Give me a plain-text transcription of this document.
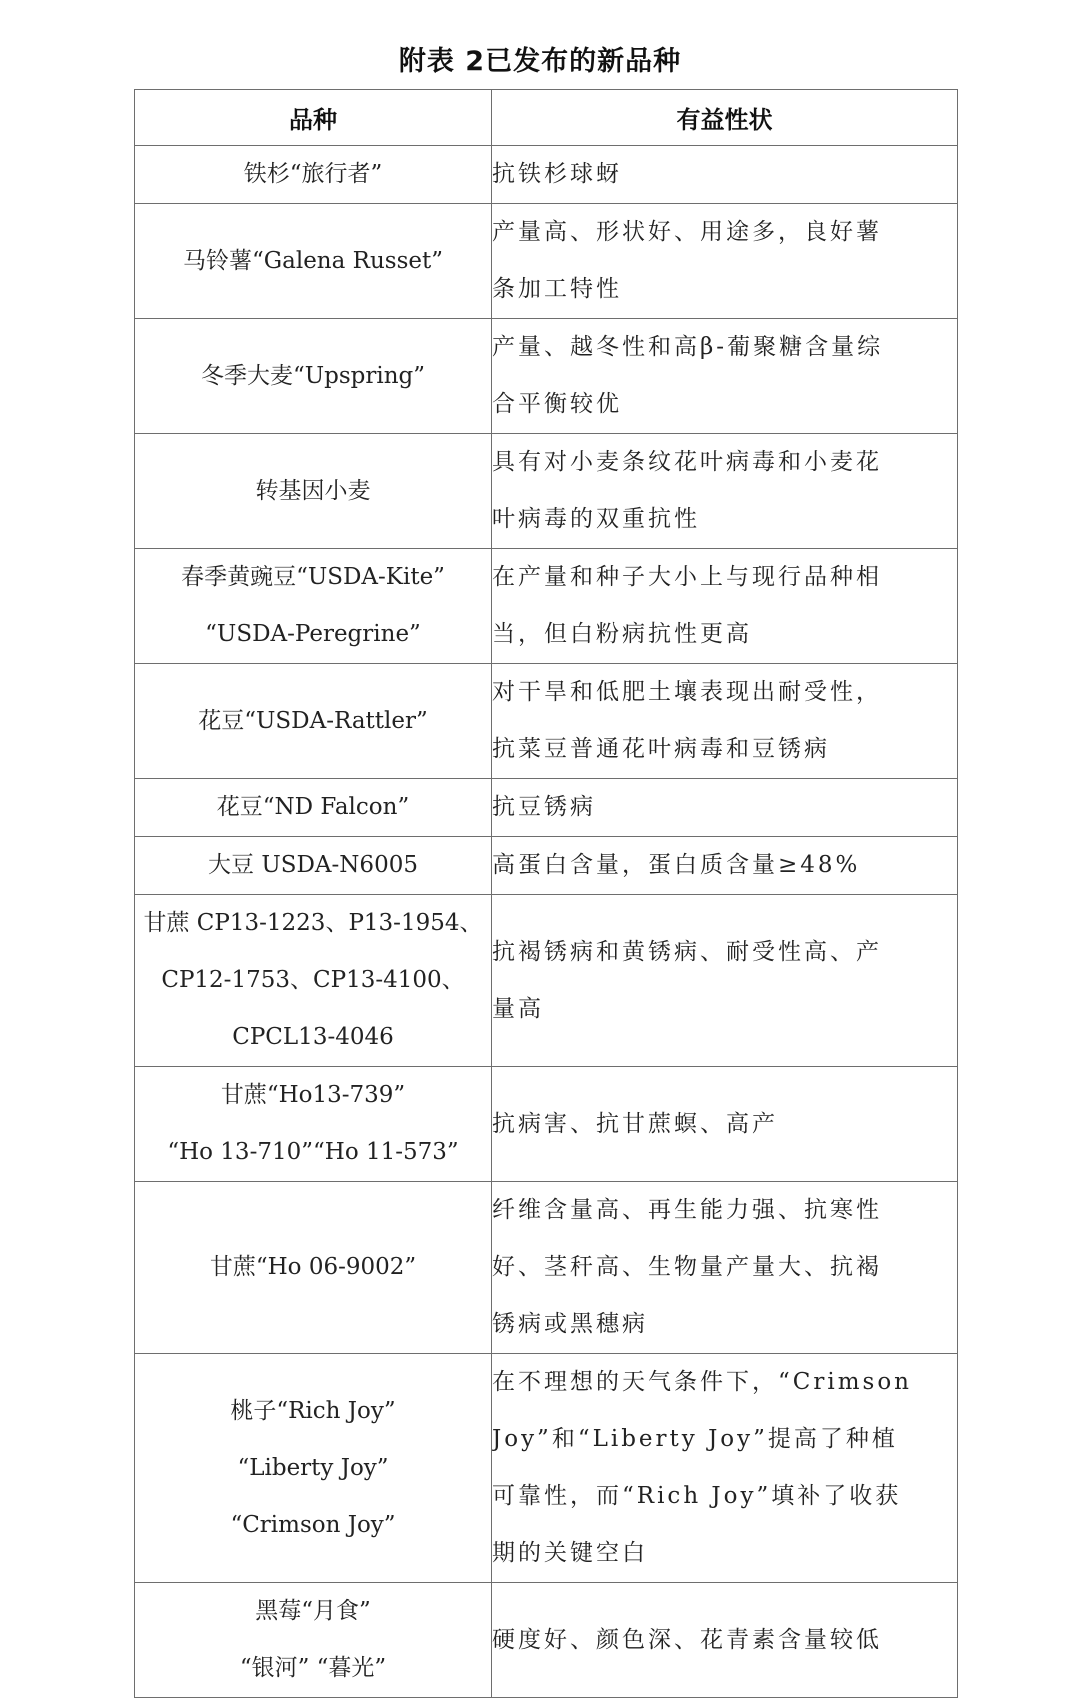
附表 2已发布的新品种
品种	有益性状

铁杉“旅行者”	抗铁杉球蚜

马铃薯“Galena Russet”	产量高、形状好、用途多，良好薯
条加工特性

冬季大麦“Upspring”	产量、越冬性和高β-葡聚糖含量综
合平衡较优

转基因小麦	具有对小麦条纹花叶病毒和小麦花
叶病毒的双重抗性

春季黄豌豆“USDA-Kite”
“USDA-Peregrine”	在产量和种子大小上与现行品种相
当，但白粉病抗性更高

花豆“USDA-Rattler”	对干旱和低肥土壤表现出耐受性，
抗菜豆普通花叶病毒和豆锈病

花豆“ND Falcon”	抗豆锈病

大豆 USDA-N6005	高蛋白含量，蛋白质含量≥48%

甘蔗 CP13-1223、P13-1954、
CP12-1753、CP13-4100、
CPCL13-4046	抗褐锈病和黄锈病、耐受性高、产
量高

甘蔗“Ho13-739”
“Ho 13-710”“Ho 11-573”	抗病害、抗甘蔗螟、高产

甘蔗“Ho 06-9002”	纤维含量高、再生能力强、抗寒性
好、茎秆高、生物量产量大、抗褐
锈病或黑穗病

桃子“Rich Joy”
“Liberty Joy”
“Crimson Joy”	在不理想的天气条件下，“Crimson
Joy”和“Liberty Joy”提高了种植
可靠性，而“Rich Joy”填补了收获
期的关键空白

黑莓“月食”
“银河” “暮光”	硬度好、颜色深、花青素含量较低
